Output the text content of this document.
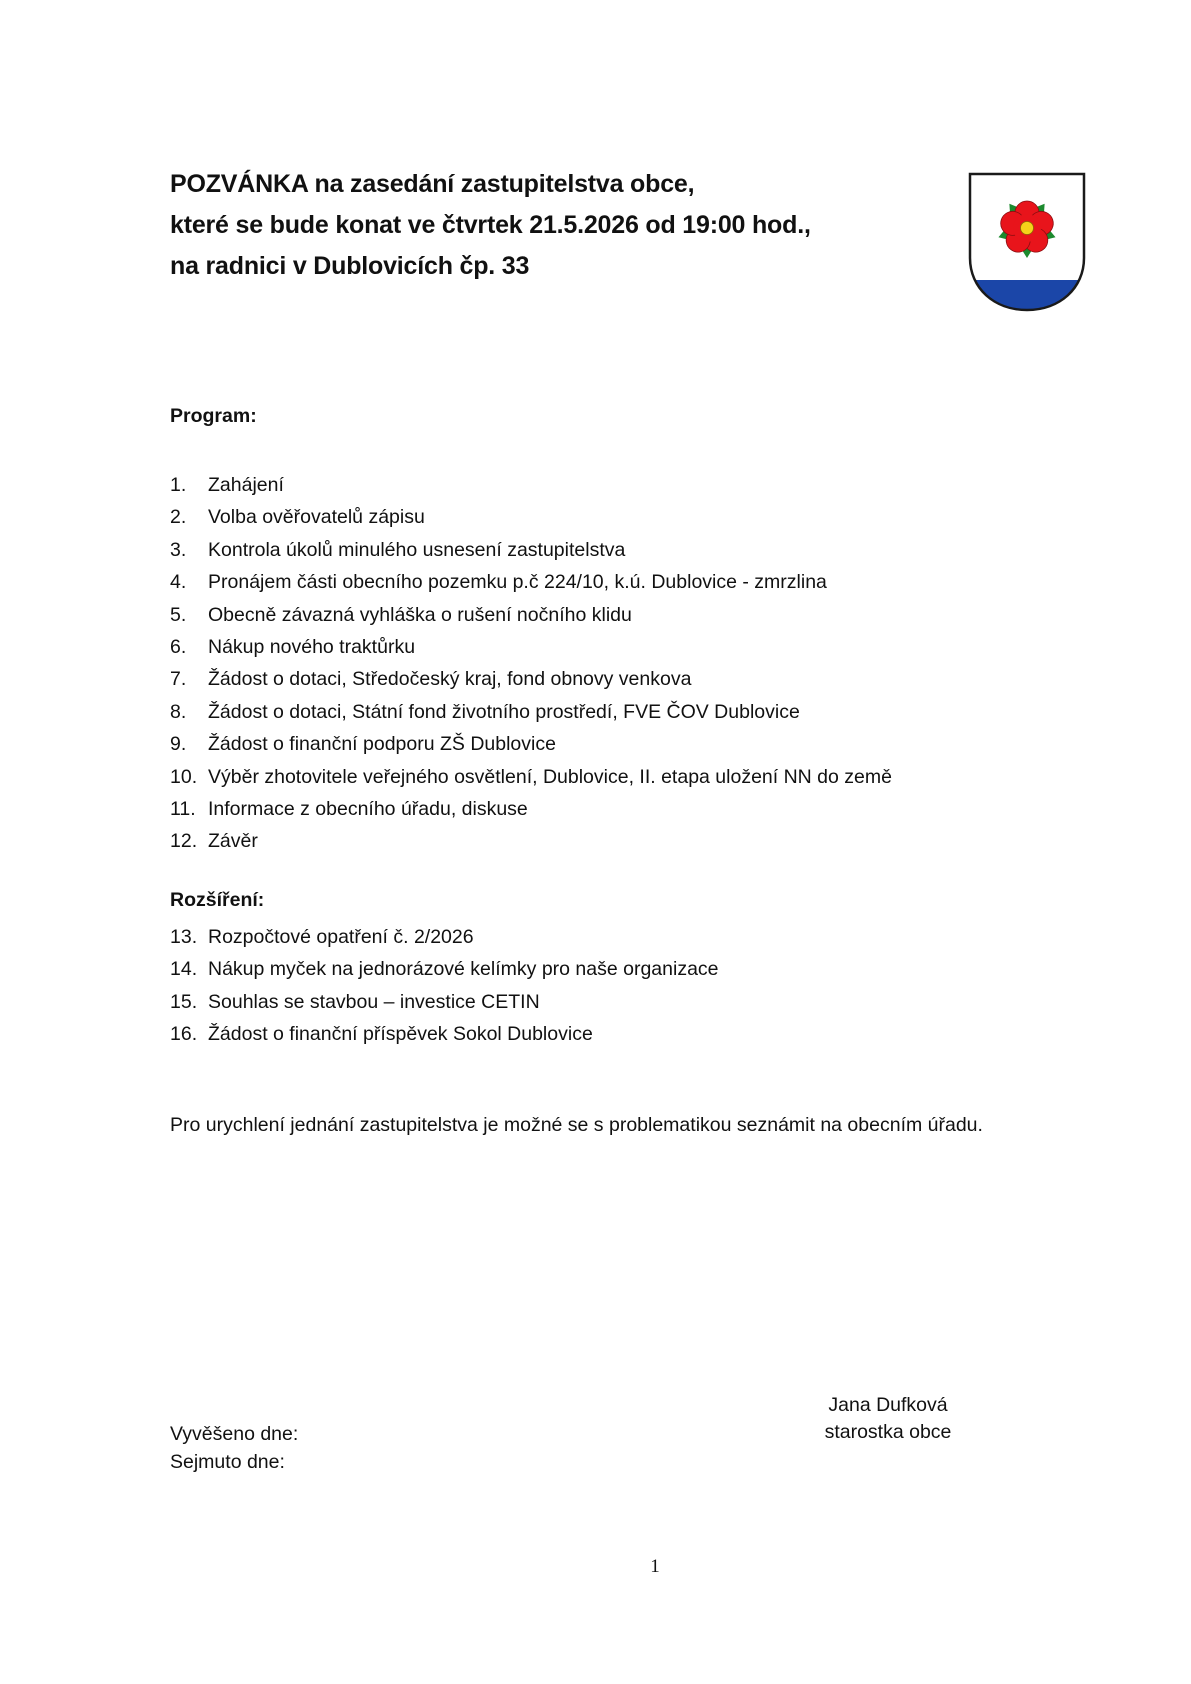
POZVÁNKA na zasedání zastupitelstva obce,
které se bude konat ve čtvrtek 21.5.2026 od 19:00 hod.,
na radnici v Dublovicích čp. 33
Program:
1.	Zahájení
2.	Volba ověřovatelů zápisu
3.	Kontrola úkolů minulého usnesení zastupitelstva
4.	Pronájem části obecního pozemku p.č 224/10, k.ú. Dublovice - zmrzlina
5.	Obecně závazná vyhláška o rušení nočního klidu
6.	Nákup nového traktůrku
7.	Žádost o dotaci, Středočeský kraj, fond obnovy venkova
8.	Žádost o dotaci, Státní fond životního prostředí, FVE ČOV Dublovice
9.	Žádost o finanční podporu ZŠ Dublovice
10. Výběr zhotovitele veřejného osvětlení, Dublovice, II. etapa uložení NN do země
11. Informace z obecního úřadu, diskuse
12. Závěr
Rozšíření:
13. Rozpočtové opatření č. 2/2026
14. Nákup myček na jednorázové kelímky pro naše organizace
15. Souhlas se stavbou – investice CETIN
16. Žádost o finanční příspěvek Sokol Dublovice
Pro urychlení jednání zastupitelstva je možné se s problematikou seznámit na obecním úřadu.
Vyvěšeno dne:
Sejmuto dne:
Jana Dufková
starostka obce
1
